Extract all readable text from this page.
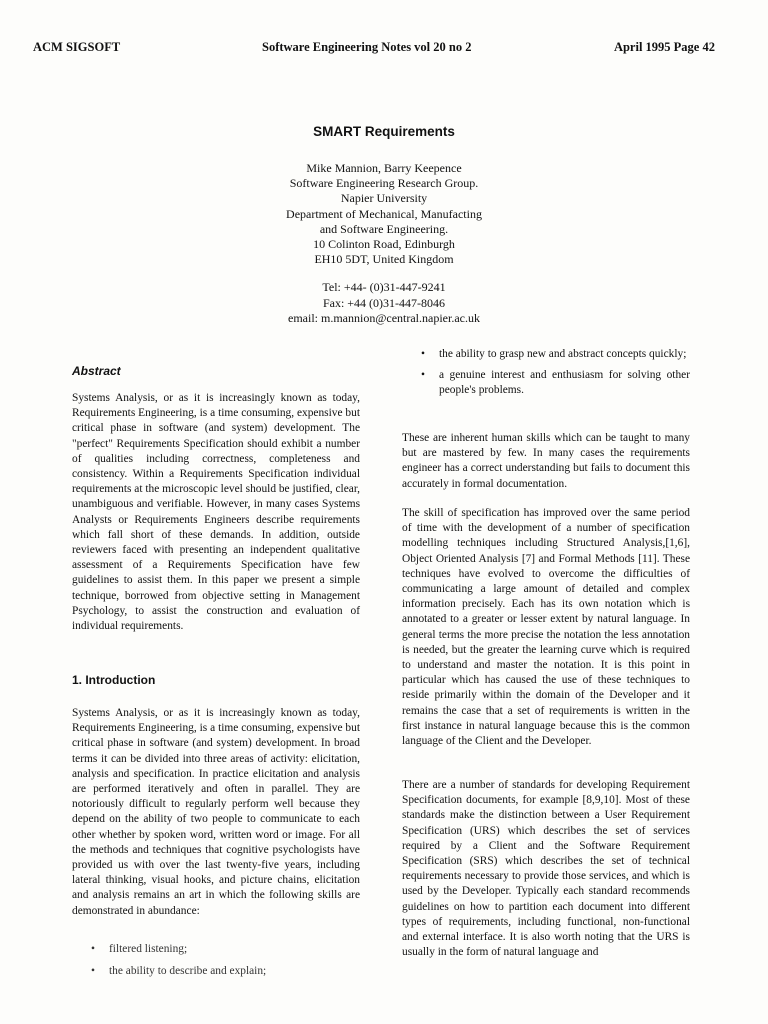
ACM SIGSOFT	Software Engineering Notes vol 20 no 2	April 1995 Page 42
SMART Requirements
Mike Mannion, Barry Keepence
Software Engineering Research Group.
Napier University
Department of Mechanical, Manufacting
and Software Engineering.
10 Colinton Road, Edinburgh
EH10 5DT, United Kingdom
Tel: +44- (0)31-447-9241
Fax: +44 (0)31-447-8046
email: m.mannion@central.napier.ac.uk
Abstract
Systems Analysis, or as it is increasingly known as today, Requirements Engineering, is a time consuming, expensive but critical phase in software (and system) development. The "perfect" Requirements Specification should exhibit a number of qualities including correctness, completeness and consistency. Within a Requirements Specification individual requirements at the microscopic level should be justified, clear, unambiguous and verifiable. However, in many cases Systems Analysts or Requirements Engineers describe requirements which fall short of these demands. In addition, outside reviewers faced with presenting an independent qualitative assessment of a Requirements Specification have few guidelines to assist them. In this paper we present a simple technique, borrowed from objective setting in Management Psychology, to assist the construction and evaluation of individual requirements.
1. Introduction
Systems Analysis, or as it is increasingly known as today, Requirements Engineering, is a time consuming, expensive but critical phase in software (and system) development. In broad terms it can be divided into three areas of activity: elicitation, analysis and specification. In practice elicitation and analysis are performed iteratively and often in parallel. They are notoriously difficult to regularly perform well because they depend on the ability of two people to communicate to each other whether by spoken word, written word or image. For all the methods and techniques that cognitive psychologists have provided us with over the last twenty-five years, including lateral thinking, visual hooks, and picture chains, elicitation and analysis remains an art in which the following skills are demonstrated in abundance:
• filtered listening;
• the ability to describe and explain;
• the ability to grasp new and abstract concepts quickly;
• a genuine interest and enthusiasm for solving other people's problems.
These are inherent human skills which can be taught to many but are mastered by few. In many cases the requirements engineer has a correct understanding but fails to document this accurately in formal documentation.
The skill of specification has improved over the same period of time with the development of a number of specification modelling techniques including Structured Analysis,[1,6], Object Oriented Analysis [7] and Formal Methods [11]. These techniques have evolved to overcome the difficulties of communicating a large amount of detailed and complex information precisely. Each has its own notation which is annotated to a greater or lesser extent by natural language. In general terms the more precise the notation the less annotation is needed, but the greater the learning curve which is required to understand and master the notation. It is this point in particular which has caused the use of these techniques to reside primarily within the domain of the Developer and it remains the case that a set of requirements is written in the first instance in natural language because this is the common language of the Client and the Developer.
There are a number of standards for developing Requirement Specification documents, for example [8,9,10]. Most of these standards make the distinction between a User Requirement Specification (URS) which describes the set of services required by a Client and the Software Requirement Specification (SRS) which describes the set of technical requirements necessary to provide those services, and which is used by the Developer. Typically each standard recommends guidelines on how to partition each document into different types of requirements, including functional, non-functional and external interface. It is also worth noting that the URS is usually in the form of natural language and
